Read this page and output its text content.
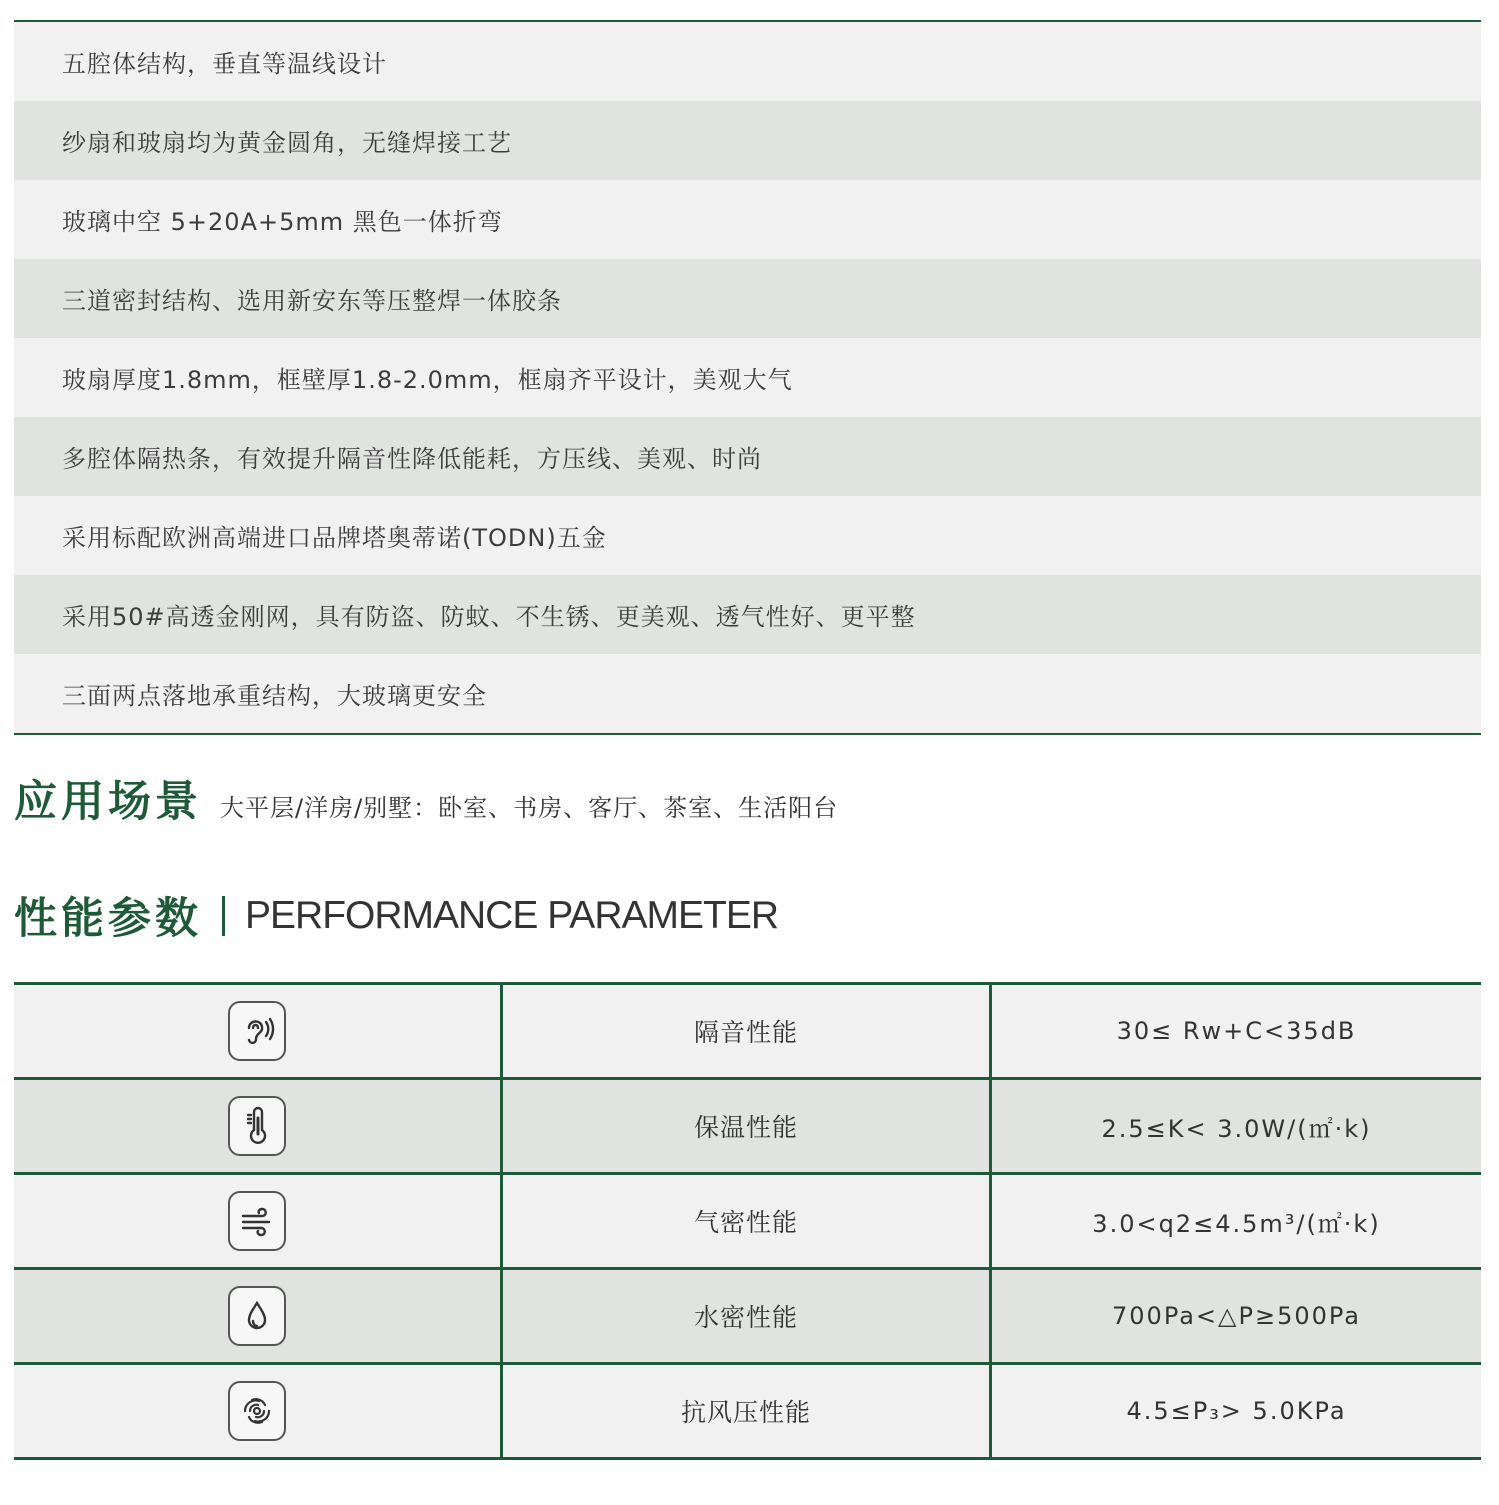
五腔体结构，垂直等温线设计
纱扇和玻扇均为黄金圆角，无缝焊接工艺
玻璃中空 5+20A+5mm 黑色一体折弯
三道密封结构、选用新安东等压整焊一体胶条
玻扇厚度1.8mm，框壁厚1.8-2.0mm，框扇齐平设计，美观大气
多腔体隔热条，有效提升隔音性降低能耗，方压线、美观、时尚
采用标配欧洲高端进口品牌塔奥蒂诺(TODN)五金
采用50#高透金刚网，具有防盗、防蚊、不生锈、更美观、透气性好、更平整
三面两点落地承重结构，大玻璃更安全
应用场景 大平层/洋房/别墅：卧室、书房、客厅、茶室、生活阳台
性能参数 PERFORMANCE PARAMETER
隔音性能	30≤ Rw+C<35dB
保温性能	2.5≤K< 3.0W/(㎡·k)
气密性能	3.0<q2≤4.5m³/(㎡·k)
水密性能	700Pa<△P≥500Pa
抗风压性能	4.5≤P₃> 5.0KPa
